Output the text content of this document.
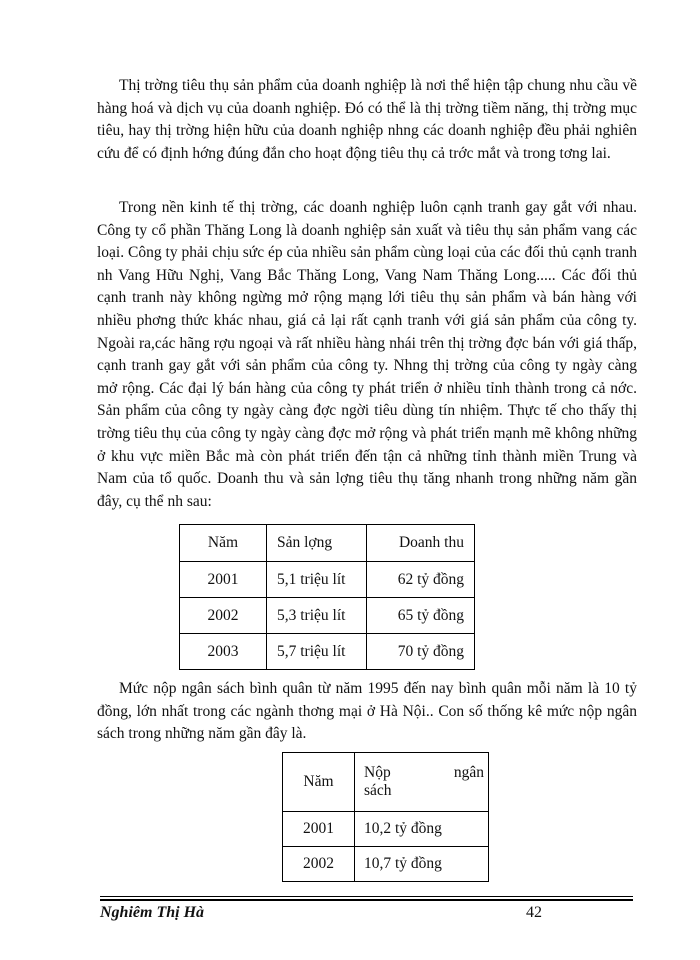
Thị trờng tiêu thụ sản phẩm của doanh nghiệp là nơi thể hiện tập chung nhu cầu về hàng hoá và dịch vụ của doanh nghiệp. Đó có thể là thị trờng tiềm năng, thị trờng mục tiêu, hay thị trờng hiện hữu của doanh nghiệp nhng các doanh nghiệp đều phải nghiên cứu để có định hớng đúng đắn cho hoạt động tiêu thụ cả trớc mắt và trong tơng lai.

Trong nền kinh tế thị trờng, các doanh nghiệp luôn cạnh tranh gay gắt với nhau. Công ty cổ phần Thăng Long là doanh nghiệp sản xuất và tiêu thụ sản phẩm vang các loại. Công ty phải chịu sức ép của nhiều sản phẩm cùng loại của các đối thủ cạnh tranh nh Vang Hữu Nghị, Vang Bắc Thăng Long, Vang Nam Thăng Long..... Các đối thủ cạnh tranh này không ngừng mở rộng mạng lới tiêu thụ sản phẩm và bán hàng với nhiều phơng thức khác nhau, giá cả lại rất cạnh tranh với giá sản phẩm của công ty. Ngoài ra,các hãng rợu ngoại và rất nhiều hàng nhái trên thị trờng đợc bán với giá thấp, cạnh tranh gay gắt với sản phẩm của công ty. Nhng thị trờng của công ty ngày càng mở rộng. Các đại lý bán hàng của công ty phát triển ở nhiều tỉnh thành trong cả nớc. Sản phẩm của công ty ngày càng đợc ngời tiêu dùng tín nhiệm. Thực tế cho thấy thị trờng tiêu thụ của công ty ngày càng đợc mở rộng và phát triển mạnh mẽ không những ở khu vực miền Bắc mà còn phát triển đến tận cả những tỉnh thành miền Trung và Nam của tổ quốc. Doanh thu và sản lợng tiêu thụ tăng nhanh trong những năm gần đây, cụ thể nh sau:

Năm	Sản lợng	Doanh thu
2001	5,1 triệu lít	62 tỷ đồng
2002	5,3 triệu lít	65 tỷ đồng
2003	5,7 triệu lít	70 tỷ đồng

Mức nộp ngân sách bình quân từ năm 1995 đến nay bình quân mỗi năm là 10 tỷ đồng, lớn nhất trong các ngành thơng mại ở Hà Nội.. Con số thống kê mức nộp ngân sách trong những năm gần đây là.

Năm	Nộp ngân
sách

2001	10,2 tỷ đồng
2002	10,7 tỷ đồng
Nghiêm Thị Hà	42
